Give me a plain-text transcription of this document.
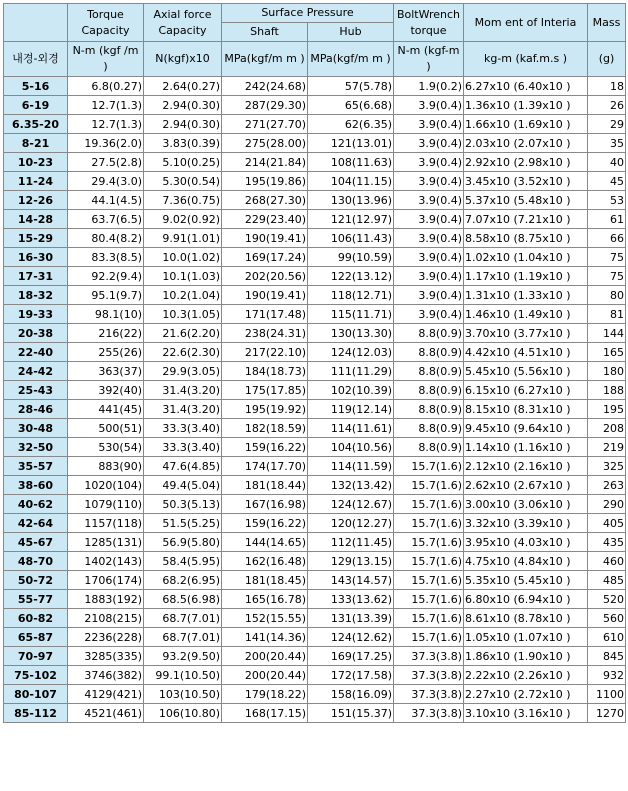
	Torque Capacity	Axial force Capacity	Surface Pressure		BoltWrench torque	Mom ent of Interia	Mass
			Shaft	Hub			
내경-외경	N-m (kgf /m )	N(kgf)x10	MPa(kgf/m m )	MPa(kgf/m m )	N-m (kgf-m )	kg-m (kaf.m.s )	(g)
5-16	6.8(0.27)	2.64(0.27)	242(24.68)	57(5.78)	1.9(0.2)	6.27x10 (6.40x10 )	18
6-19	12.7(1.3)	2.94(0.30)	287(29.30)	65(6.68)	3.9(0.4)	1.36x10 (1.39x10 )	26
6.35-20	12.7(1.3)	2.94(0.30)	271(27.70)	62(6.35)	3.9(0.4)	1.66x10 (1.69x10 )	29
8-21	19.36(2.0)	3.83(0.39)	275(28.00)	121(13.01)	3.9(0.4)	2.03x10 (2.07x10 )	35
10-23	27.5(2.8)	5.10(0.25)	214(21.84)	108(11.63)	3.9(0.4)	2.92x10 (2.98x10 )	40
11-24	29.4(3.0)	5.30(0.54)	195(19.86)	104(11.15)	3.9(0.4)	3.45x10 (3.52x10 )	45
12-26	44.1(4.5)	7.36(0.75)	268(27.30)	130(13.96)	3.9(0.4)	5.37x10 (5.48x10 )	53
14-28	63.7(6.5)	9.02(0.92)	229(23.40)	121(12.97)	3.9(0.4)	7.07x10 (7.21x10 )	61
15-29	80.4(8.2)	9.91(1.01)	190(19.41)	106(11.43)	3.9(0.4)	8.58x10 (8.75x10 )	66
16-30	83.3(8.5)	10.0(1.02)	169(17.24)	99(10.59)	3.9(0.4)	1.02x10 (1.04x10 )	75
17-31	92.2(9.4)	10.1(1.03)	202(20.56)	122(13.12)	3.9(0.4)	1.17x10 (1.19x10 )	75
18-32	95.1(9.7)	10.2(1.04)	190(19.41)	118(12.71)	3.9(0.4)	1.31x10 (1.33x10 )	80
19-33	98.1(10)	10.3(1.05)	171(17.48)	115(11.71)	3.9(0.4)	1.46x10 (1.49x10 )	81
20-38	216(22)	21.6(2.20)	238(24.31)	130(13.30)	8.8(0.9)	3.70x10 (3.77x10 )	144
22-40	255(26)	22.6(2.30)	217(22.10)	124(12.03)	8.8(0.9)	4.42x10 (4.51x10 )	165
24-42	363(37)	29.9(3.05)	184(18.73)	111(11.29)	8.8(0.9)	5.45x10 (5.56x10 )	180
25-43	392(40)	31.4(3.20)	175(17.85)	102(10.39)	8.8(0.9)	6.15x10 (6.27x10 )	188
28-46	441(45)	31.4(3.20)	195(19.92)	119(12.14)	8.8(0.9)	8.15x10 (8.31x10 )	195
30-48	500(51)	33.3(3.40)	182(18.59)	114(11.61)	8.8(0.9)	9.45x10 (9.64x10 )	208
32-50	530(54)	33.3(3.40)	159(16.22)	104(10.56)	8.8(0.9)	1.14x10 (1.16x10 )	219
35-57	883(90)	47.6(4.85)	174(17.70)	114(11.59)	15.7(1.6)	2.12x10 (2.16x10 )	325
38-60	1020(104)	49.4(5.04)	181(18.44)	132(13.42)	15.7(1.6)	2.62x10 (2.67x10 )	263
40-62	1079(110)	50.3(5.13)	167(16.98)	124(12.67)	15.7(1.6)	3.00x10 (3.06x10 )	290
42-64	1157(118)	51.5(5.25)	159(16.22)	120(12.27)	15.7(1.6)	3.32x10 (3.39x10 )	405
45-67	1285(131)	56.9(5.80)	144(14.65)	112(11.45)	15.7(1.6)	3.95x10 (4.03x10 )	435
48-70	1402(143)	58.4(5.95)	162(16.48)	129(13.15)	15.7(1.6)	4.75x10 (4.84x10 )	460
50-72	1706(174)	68.2(6.95)	181(18.45)	143(14.57)	15.7(1.6)	5.35x10 (5.45x10 )	485
55-77	1883(192)	68.5(6.98)	165(16.78)	133(13.62)	15.7(1.6)	6.80x10 (6.94x10 )	520
60-82	2108(215)	68.7(7.01)	152(15.55)	131(13.39)	15.7(1.6)	8.61x10 (8.78x10 )	560
65-87	2236(228)	68.7(7.01)	141(14.36)	124(12.62)	15.7(1.6)	1.05x10 (1.07x10 )	610
70-97	3285(335)	93.2(9.50)	200(20.44)	169(17.25)	37.3(3.8)	1.86x10 (1.90x10 )	845
75-102	3746(382)	99.1(10.50)	200(20.44)	172(17.58)	37.3(3.8)	2.22x10 (2.26x10 )	932
80-107	4129(421)	103(10.50)	179(18.22)	158(16.09)	37.3(3.8)	2.27x10 (2.72x10 )	1100
85-112	4521(461)	106(10.80)	168(17.15)	151(15.37)	37.3(3.8)	3.10x10 (3.16x10 )	1270
